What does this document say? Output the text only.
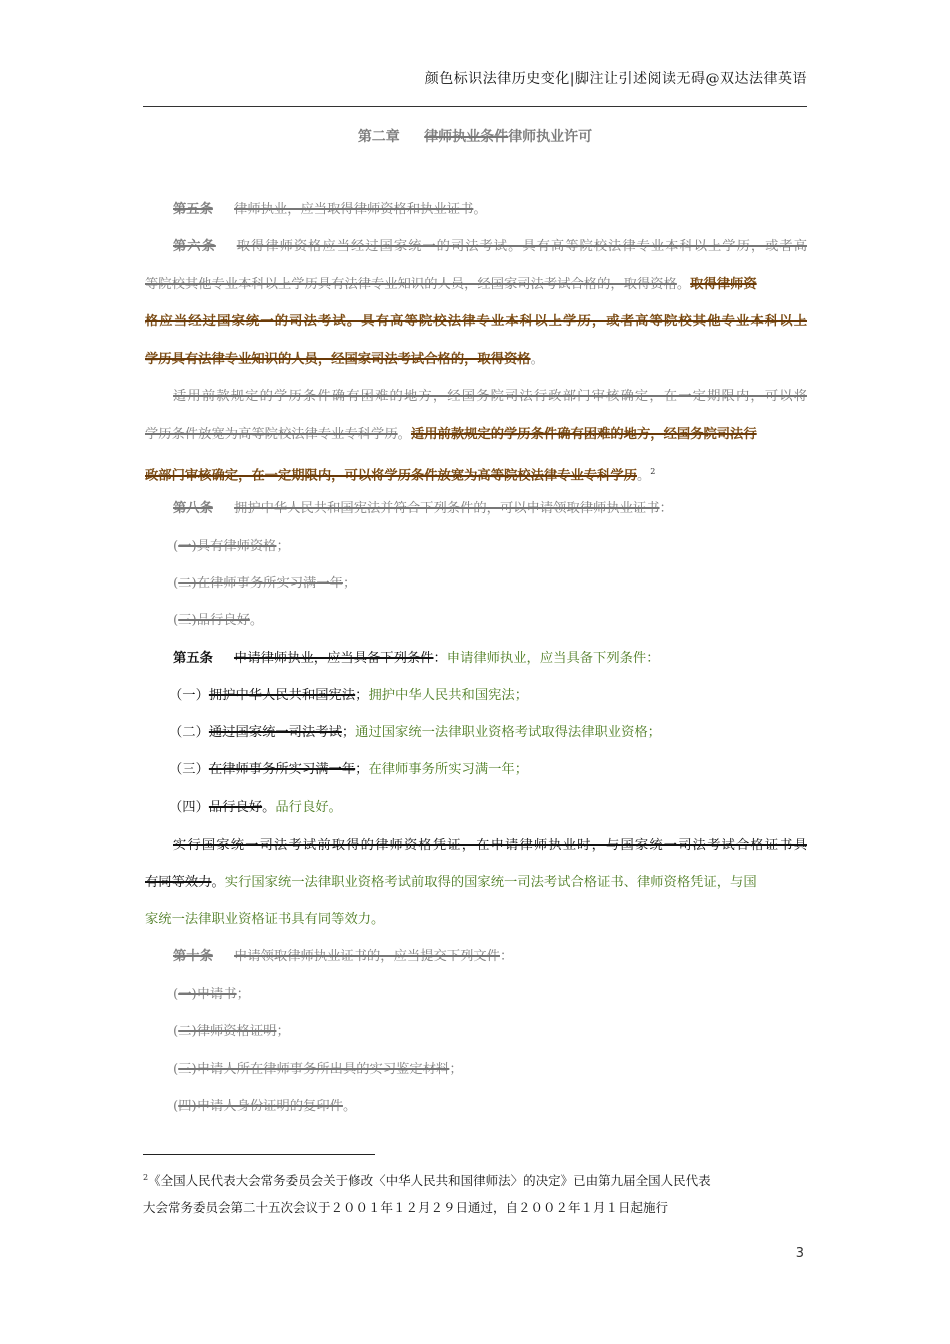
颜色标识法律历史变化|脚注让引述阅读无碍@双达法律英语
第二章 律师执业条件律师执业许可
第五条 律师执业，应当取得律师资格和执业证书。
第六条 取得律师资格应当经过国家统一的司法考试。具有高等院校法律专业本科以上学历，或者高
等院校其他专业本科以上学历具有法律专业知识的人员，经国家司法考试合格的，取得资格。取得律师资
格应当经过国家统一的司法考试。具有高等院校法律专业本科以上学历，或者高等院校其他专业本科以上
学历具有法律专业知识的人员，经国家司法考试合格的，取得资格。
适用前款规定的学历条件确有困难的地方，经国务院司法行政部门审核确定，在一定期限内，可以将
学历条件放宽为高等院校法律专业专科学历。适用前款规定的学历条件确有困难的地方，经国务院司法行
政部门审核确定，在一定期限内，可以将学历条件放宽为高等院校法律专业专科学历。$^2$
第八条 拥护中华人民共和国宪法并符合下列条件的，可以申请领取律师执业证书：
(一)具有律师资格；
(二)在律师事务所实习满一年；
(三)品行良好。
第五条 申请律师执业，应当具备下列条件：申请律师执业，应当具备下列条件：
（一）拥护中华人民共和国宪法；拥护中华人民共和国宪法；
（二）通过国家统一司法考试；通过国家统一法律职业资格考试取得法律职业资格；
（三）在律师事务所实习满一年；在律师事务所实习满一年；
（四）品行良好。品行良好。
实行国家统一司法考试前取得的律师资格凭证，在申请律师执业时，与国家统一司法考试合格证书具
有同等效力。实行国家统一法律职业资格考试前取得的国家统一司法考试合格证书、律师资格凭证，与国
家统一法律职业资格证书具有同等效力。
第十条 申请领取律师执业证书的，应当提交下列文件：
(一)申请书；
(二)律师资格证明；
(三)申请人所在律师事务所出具的实习鉴定材料；
(四)申请人身份证明的复印件。
$^2$《全国人民代表大会常务委员会关于修改〈中华人民共和国律师法〉的决定》已由第九届全国人民代表
大会常务委员会第二十五次会议于２００１年１２月２９日通过，自２００２年１月１日起施行
3
